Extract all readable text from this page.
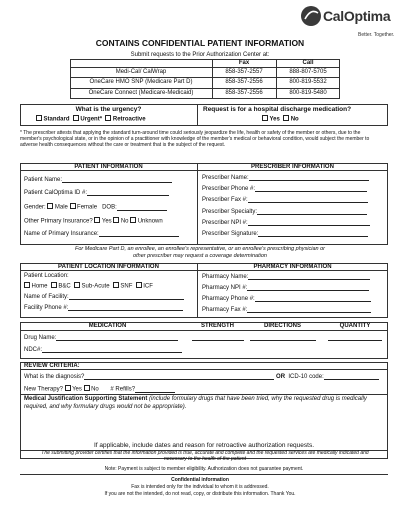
CalOptima
Better. Together.
CONTAINS CONFIDENTIAL PATIENT INFORMATION
Submit requests to the Prior Authorization Center at:
Fax	Call
Medi-Cal/ CalWrap	858-357-2557	888-807-5705
OneCare HMO SNP (Medicare Part D)	858-357-2556	800-819-5532
OneCare Connect (Medicare-Medicaid)	858-357-2556	800-819-5480
What is the urgency?
Standard Urgent* Retroactive
Request is for a hospital discharge medication?
Yes No
* The prescriber attests that applying the standard turn-around time could seriously jeopardize the life, health or safety of the member or others, due to the member's psychological state, or in the opinion of a practitioner with knowledge of the member's medical or behavioral condition, would subject the member to adverse health consequences without the care or treatment that is the subject of the request.
PATIENT INFORMATION	PRESCRIBER INFORMATION
Patient Name:
Patient CalOptima ID #:
Gender: Male Female DOB:
Other Primary Insurance? Yes No Unknown
Name of Primary Insurance:
Prescriber Name:
Prescriber Phone #:
Prescriber Fax #:
Prescriber Specialty:
Prescriber NPI #:
Prescriber Signature:
For Medicare Part D, an enrollee, an enrollee's representative, or an enrollee's prescribing physician or other prescriber may request a coverage determination
PATIENT LOCATION INFORMATION	PHARMACY INFORMATION
Patient Location:
Home B&C Sub-Acute SNF ICF
Name of Facility:
Facility Phone #:
Pharmacy Name:
Pharmacy NPI #:
Pharmacy Phone #:
Pharmacy Fax #:
MEDICATION	STRENGTH	DIRECTIONS	QUANTITY
Drug Name:
NDC#:
REVIEW CRITERIA:
What is the diagnosis?	OR ICD-10 code:
New Therapy? Yes No # Refills?
Medical Justification Supporting Statement (include formulary drugs that have been tried, why the requested drug is medically required, and why formulary drugs would not be appropriate).
If applicable, include dates and reason for retroactive authorization requests.
The submitting provider certifies that the information provided is true, accurate and complete and the requested services are medically indicated and necessary to the health of the patient
Note: Payment is subject to member eligibility. Authorization does not guarantee payment.
Confidential information
Fax is intended only for the individual to whom it is addressed.
If you are not the intended, do not read, copy, or distribute this information. Thank You.
